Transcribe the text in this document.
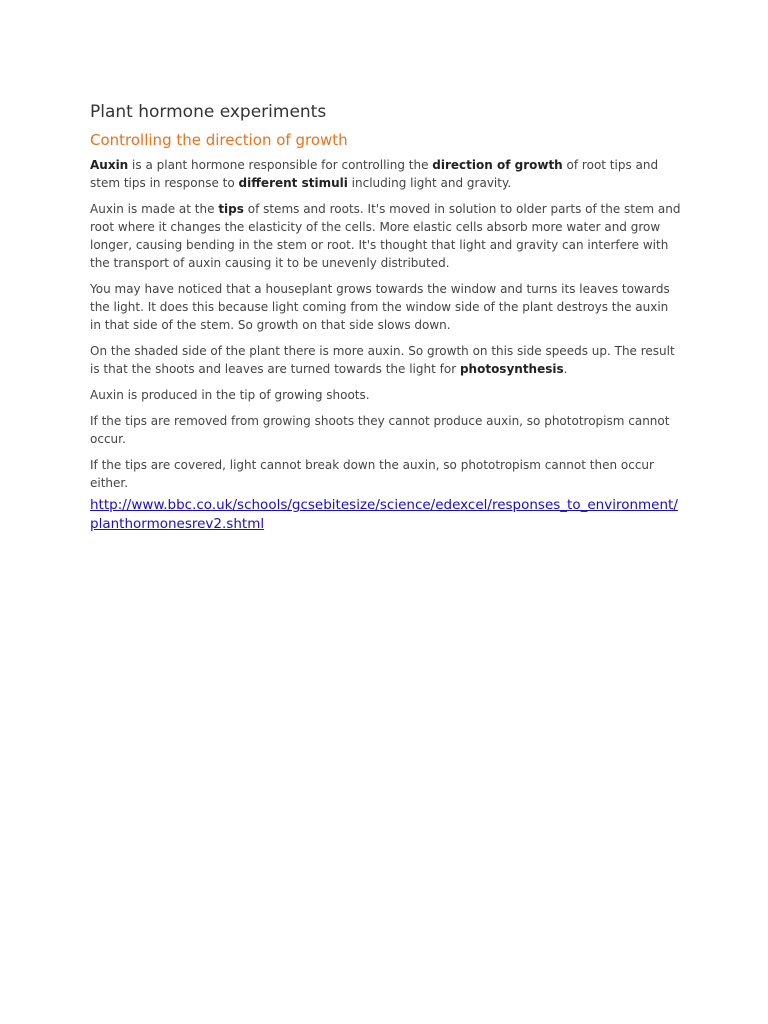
Plant hormone experiments
Controlling the direction of growth

Auxin is a plant hormone responsible for controlling the direction of growth of root tips and stem tips in response to different stimuli including light and gravity.

Auxin is made at the tips of stems and roots. It's moved in solution to older parts of the stem and root where it changes the elasticity of the cells. More elastic cells absorb more water and grow longer, causing bending in the stem or root. It's thought that light and gravity can interfere with the transport of auxin causing it to be unevenly distributed.

You may have noticed that a houseplant grows towards the window and turns its leaves towards the light. It does this because light coming from the window side of the plant destroys the auxin in that side of the stem. So growth on that side slows down.

On the shaded side of the plant there is more auxin. So growth on this side speeds up. The result is that the shoots and leaves are turned towards the light for photosynthesis.

Auxin is produced in the tip of growing shoots.

If the tips are removed from growing shoots they cannot produce auxin, so phototropism cannot occur.

If the tips are covered, light cannot break down the auxin, so phototropism cannot then occur either.

http://www.bbc.co.uk/schools/gcsebitesize/science/edexcel/responses_to_environment/planthormonesrev2.shtml
